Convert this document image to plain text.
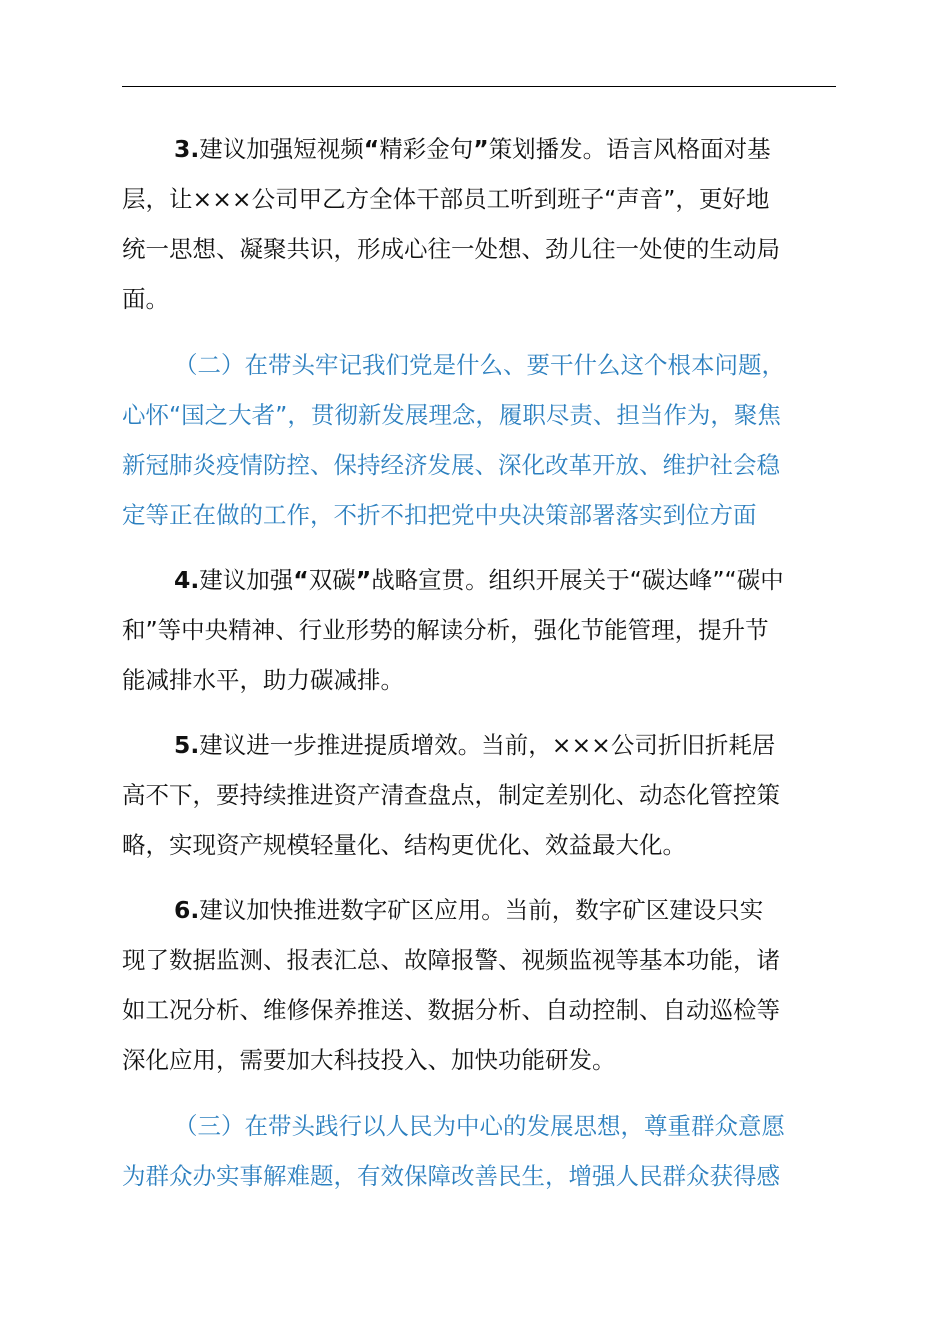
3.建议加强短视频“精彩金句”策划播发。语言风格面对基
层，让×××公司甲乙方全体干部员工听到班子“声音”，更好地
统一思想、凝聚共识，形成心往一处想、劲儿往一处使的生动局
面。
（二）在带头牢记我们党是什么、要干什么这个根本问题，
心怀“国之大者”，贯彻新发展理念，履职尽责、担当作为，聚焦
新冠肺炎疫情防控、保持经济发展、深化改革开放、维护社会稳
定等正在做的工作，不折不扣把党中央决策部署落实到位方面
4.建议加强“双碳”战略宣贯。组织开展关于“碳达峰”“碳中
和”等中央精神、行业形势的解读分析，强化节能管理，提升节
能减排水平，助力碳减排。
5.建议进一步推进提质增效。当前，×××公司折旧折耗居
高不下，要持续推进资产清查盘点，制定差别化、动态化管控策
略，实现资产规模轻量化、结构更优化、效益最大化。
6.建议加快推进数字矿区应用。当前，数字矿区建设只实
现了数据监测、报表汇总、故障报警、视频监视等基本功能，诸
如工况分析、维修保养推送、数据分析、自动控制、自动巡检等
深化应用，需要加大科技投入、加快功能研发。
（三）在带头践行以人民为中心的发展思想，尊重群众意愿
为群众办实事解难题，有效保障改善民生，增强人民群众获得感
